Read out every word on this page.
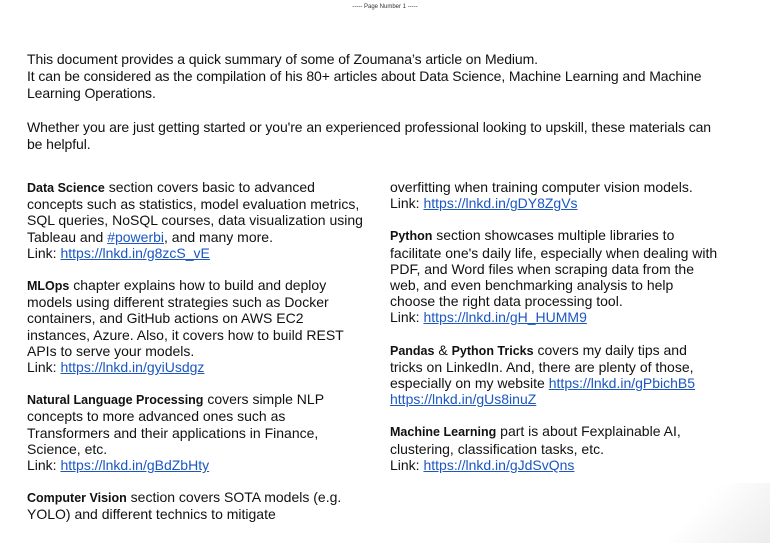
----- Page Number 1 -----

This document provides a quick summary of some of Zoumana’s article on Medium.
It can be considered as the compilation of his 80+ articles about Data Science, Machine Learning and Machine Learning Operations.

Whether you are just getting started or you're an experienced professional looking to upskill, these materials can be helpful.

Data Science section covers basic to advanced concepts such as statistics, model evaluation metrics, SQL queries, NoSQL courses, data visualization using Tableau and #powerbi, and many more.
Link: https://lnkd.in/g8zcS_vE

MLOps chapter explains how to build and deploy models using different strategies such as Docker containers, and GitHub actions on AWS EC2 instances, Azure. Also, it covers how to build REST APIs to serve your models.
Link: https://lnkd.in/gyiUsdgz

Natural Language Processing covers simple NLP concepts to more advanced ones such as Transformers and their applications in Finance, Science, etc.
Link: https://lnkd.in/gBdZbHty

Computer Vision section covers SOTA models (e.g. YOLO) and different technics to mitigate

overfitting when training computer vision models.
Link: https://lnkd.in/gDY8ZgVs

Python section showcases multiple libraries to facilitate one's daily life, especially when dealing with PDF, and Word files when scraping data from the web, and even benchmarking analysis to help choose the right data processing tool.
Link: https://lnkd.in/gH_HUMM9

Pandas & Python Tricks covers my daily tips and tricks on LinkedIn. And, there are plenty of those, especially on my website https://lnkd.in/gPbichB5
https://lnkd.in/gUs8inuZ

Machine Learning part is about Fexplainable AI, clustering, classification tasks, etc.
Link: https://lnkd.in/gJdSvQns
